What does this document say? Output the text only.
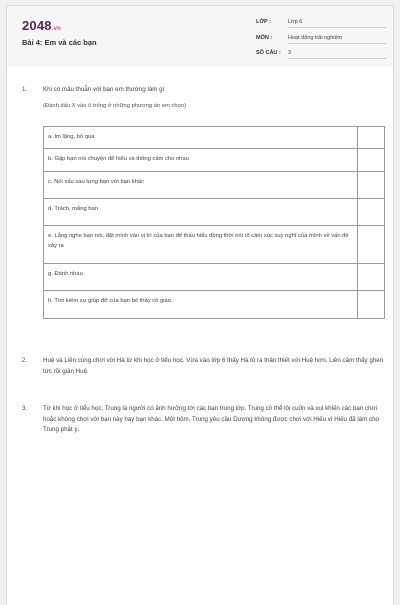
2048.vn
Bài 4: Em và các bạn
LỚP :	Lớp 6
MÔN :	Hoạt động trải nghiệm
SỐ CÂU : 3
1.	Khi có mâu thuẫn với bạn em thường làm gì
(Đánh dấu X vào ô trống ở những phương án em chọn)
a. Im lặng, bỏ qua	
b. Gặp bạn nói chuyện để hiểu và thông cảm cho nhau	
c. Nói xấu sau lưng bạn với bạn khác	
d. Trách, mắng bạn	
e. Lắng nghe bạn nói, đặt mình vào vị trí của bạn để thấu hiểu đồng thời nói rõ cảm xúc suy nghĩ của mình về vấn đề xảy ra	
g. Đánh nhau	
h. Tìm kiếm sự giúp đỡ của bạn bè thầy cô giáo.	
2.	Huệ và Liên cùng chơi với Hà từ khi học ở tiểu học. Vừa vào lớp 6 thấy Hà tỏ ra thân thiết với Huệ hơn, Liên cảm thấy ghen tức rồi giận Huệ.
3.	Từ khi học ở tiểu học, Trung là người có ảnh hưởng tới các bạn trong lớp. Trung có thể lôi cuốn và xui khiến các bạn chơi hoặc không chơi với bạn này hay bạn khác. Một hôm, Trung yêu cầu Dương không được chơi với Hiếu vì Hiếu đã làm cho Trung phật ý.
